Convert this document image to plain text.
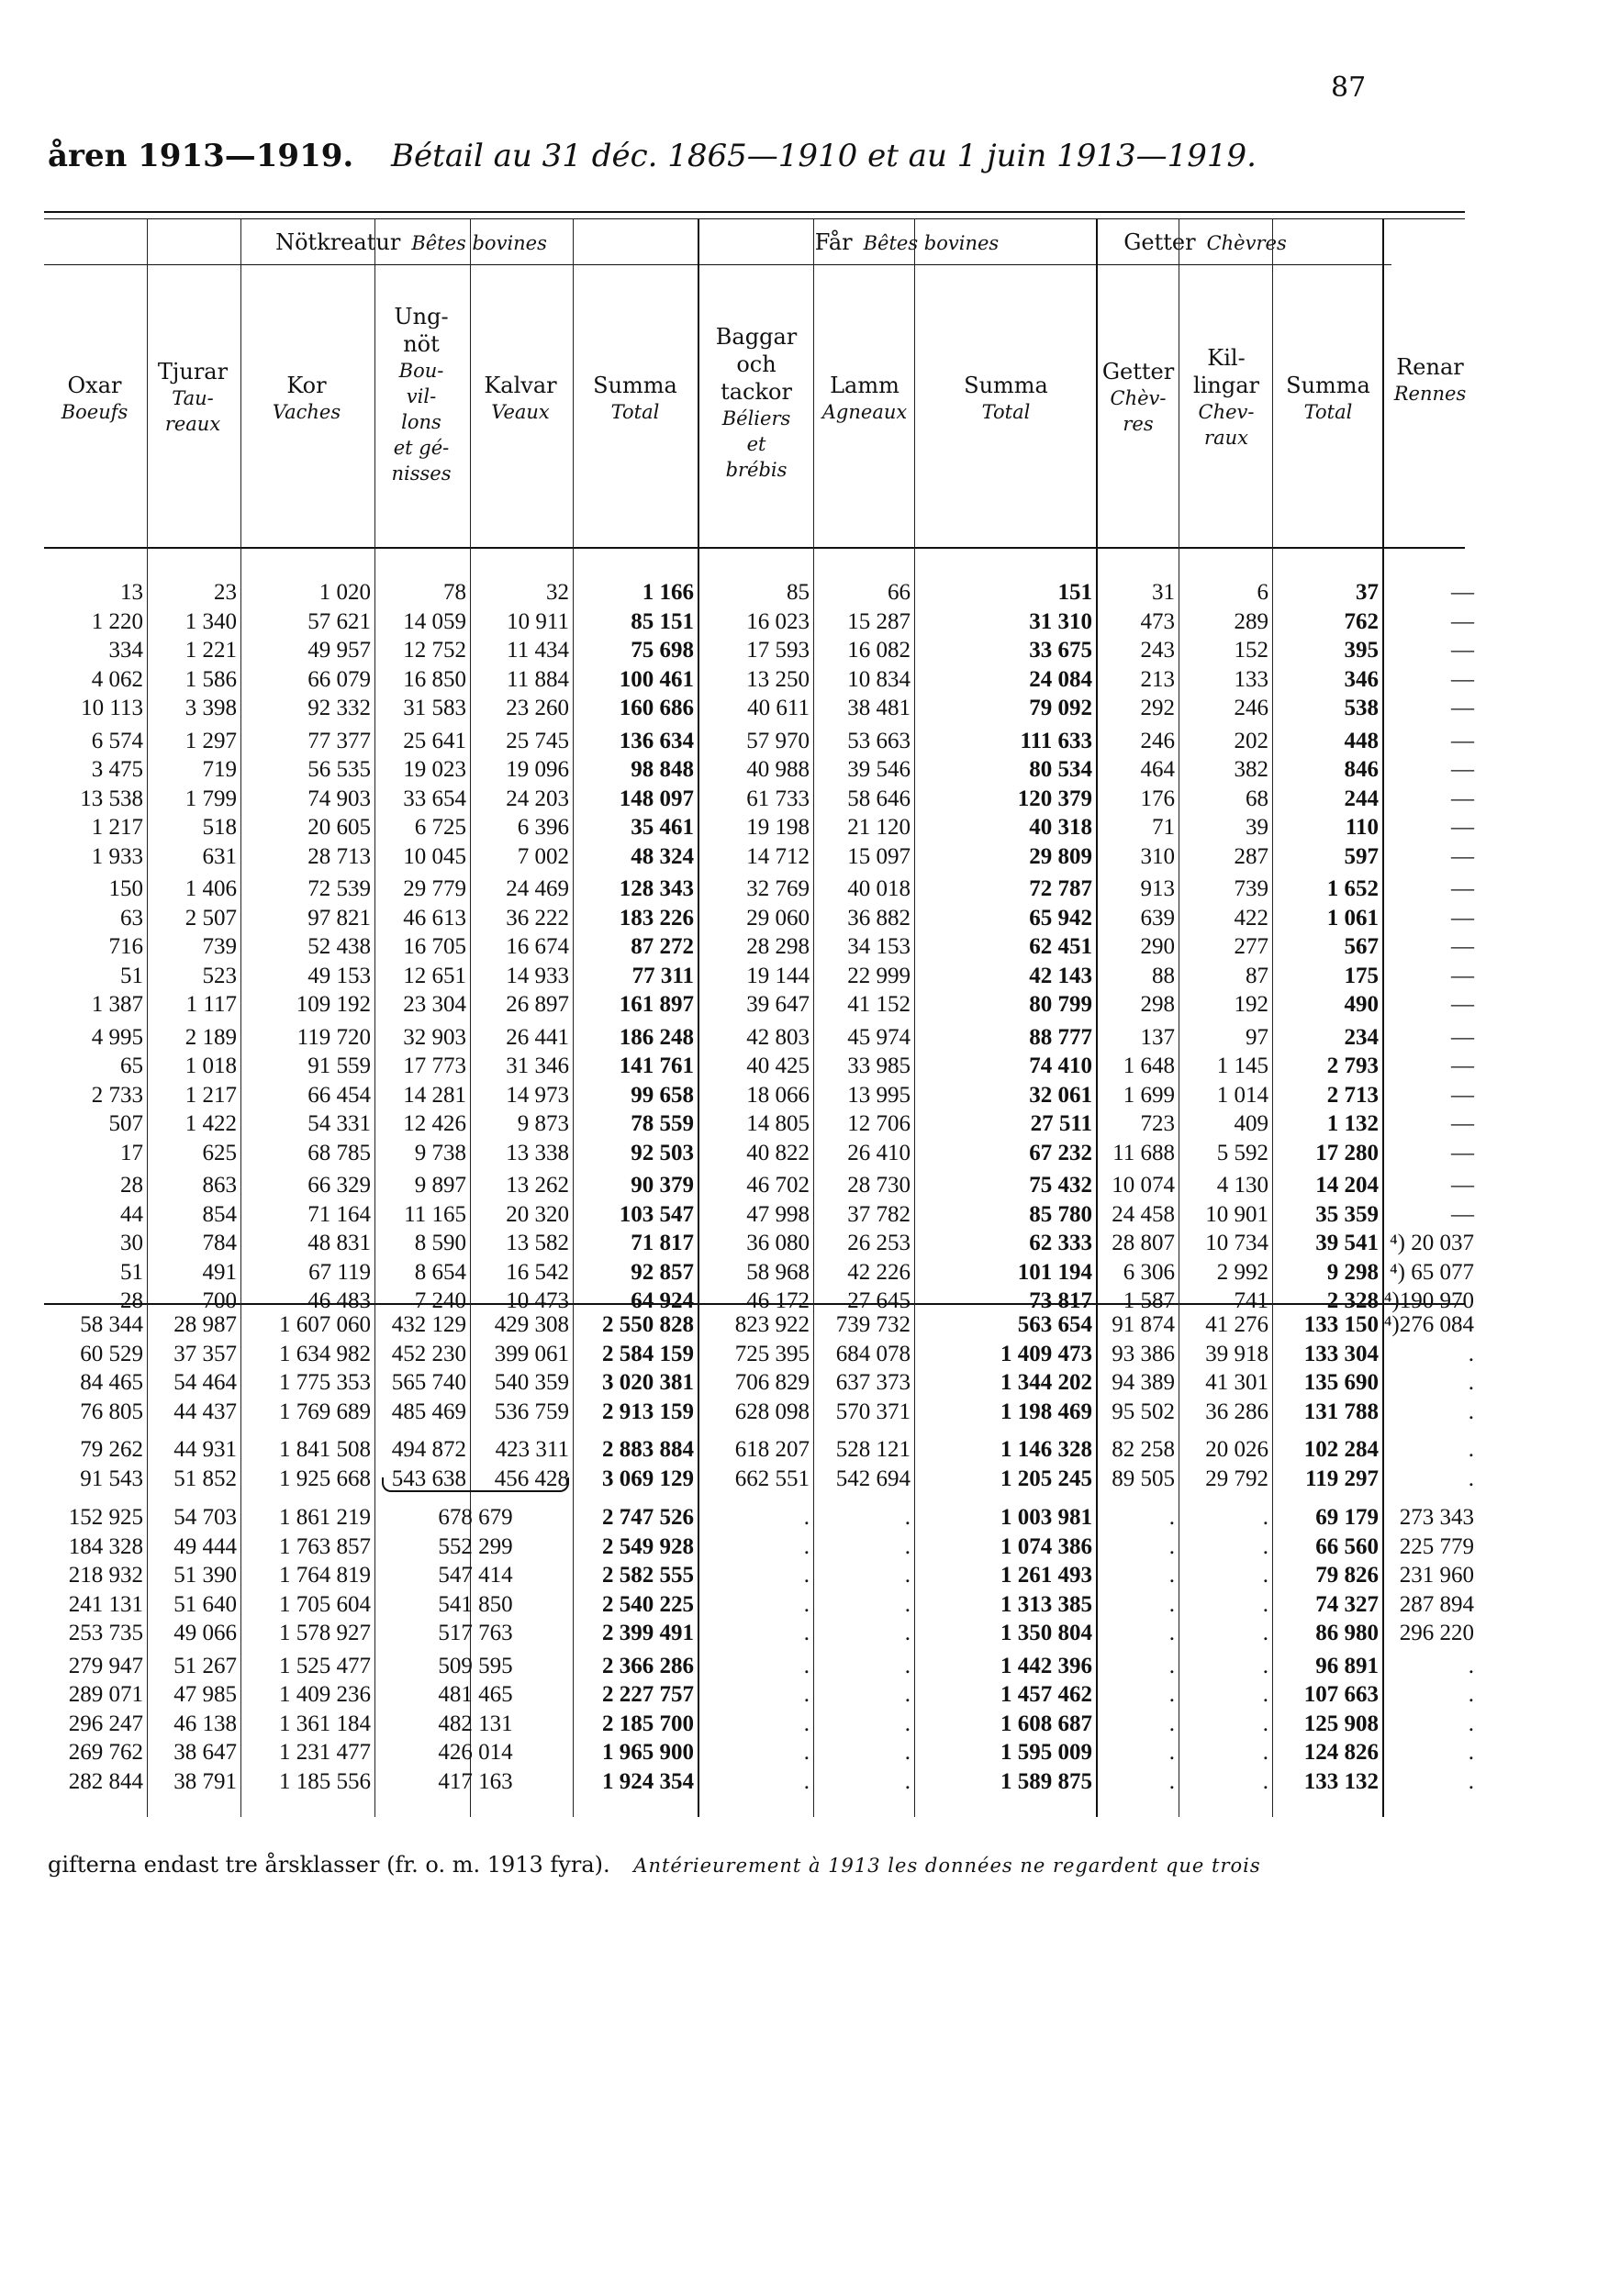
87
åren 1913—1919. Bétail au 31 déc. 1865—1910 et au 1 juin 1913—1919.
Nötkreatur Bêtes bovines	Får Bêtes bovines	Getter Chèvres
Oxar
Boeufs
Tjurar
Tau-
reaux
Kor
Vaches
Ung-
nöt
Bou-
vil-
lons
et gé-
nisses
Kalvar
Veaux
Summa
Total
Baggar
och
tackor
Béliers
et
brébis
Lamm
Agneaux
Summa
Total
Getter
Chèv-
res
Kil-
lingar
Chev-
raux
Summa
Total
Renar
Rennes
13
1 220
334
4 062
10 113
6 574
3 475
13 538
1 217
1 933
150
63
716
51
1 387
4 995
65
2 733
507
17
28
44
30
51
28
23
1 340
1 221
1 586
3 398
1 297
719
1 799
518
631
1 406
2 507
739
523
1 117
2 189
1 018
1 217
1 422
625
863
854
784
491
700
1 020
57 621
49 957
66 079
92 332
77 377
56 535
74 903
20 605
28 713
72 539
97 821
52 438
49 153
109 192
119 720
91 559
66 454
54 331
68 785
66 329
71 164
48 831
67 119
46 483
78
14 059
12 752
16 850
31 583
25 641
19 023
33 654
6 725
10 045
29 779
46 613
16 705
12 651
23 304
32 903
17 773
14 281
12 426
9 738
9 897
11 165
8 590
8 654
7 240
32
10 911
11 434
11 884
23 260
25 745
19 096
24 203
6 396
7 002
24 469
36 222
16 674
14 933
26 897
26 441
31 346
14 973
9 873
13 338
13 262
20 320
13 582
16 542
10 473
1 166
85 151
75 698
100 461
160 686
136 634
98 848
148 097
35 461
48 324
128 343
183 226
87 272
77 311
161 897
186 248
141 761
99 658
78 559
92 503
90 379
103 547
71 817
92 857
64 924
85
16 023
17 593
13 250
40 611
57 970
40 988
61 733
19 198
14 712
32 769
29 060
28 298
19 144
39 647
42 803
40 425
18 066
14 805
40 822
46 702
47 998
36 080
58 968
46 172
66
15 287
16 082
10 834
38 481
53 663
39 546
58 646
21 120
15 097
40 018
36 882
34 153
22 999
41 152
45 974
33 985
13 995
12 706
26 410
28 730
37 782
26 253
42 226
27 645
151
31 310
33 675
24 084
79 092
111 633
80 534
120 379
40 318
29 809
72 787
65 942
62 451
42 143
80 799
88 777
74 410
32 061
27 511
67 232
75 432
85 780
62 333
101 194
73 817
31
473
243
213
292
246
464
176
71
310
913
639
290
88
298
137
1 648
1 699
723
11 688
10 074
24 458
28 807
6 306
1 587
6
289
152
133
246
202
382
68
39
287
739
422
277
87
192
97
1 145
1 014
409
5 592
4 130
10 901
10 734
2 992
741
37
762
395
346
538
448
846
244
110
597
1 652
1 061
567
175
490
234
2 793
2 713
1 132
17 280
14 204
35 359
39 541
9 298
2 328
—
—
—
—
—
—
—
—
—
—
—
—
—
—
—
—
—
—
—
—
—
—
⁴) 20 037
⁴) 65 077
⁴)190 970
58 344
60 529
84 465
76 805
28 987
37 357
54 464
44 437
1 607 060
1 634 982
1 775 353
1 769 689
432 129
452 230
565 740
485 469
429 308
399 061
540 359
536 759
2 550 828
2 584 159
3 020 381
2 913 159
823 922
725 395
706 829
628 098
739 732
684 078
637 373
570 371
563 654
1 409 473
1 344 202
1 198 469
91 874
93 386
94 389
95 502
41 276
39 918
41 301
36 286
133 150
133 304
135 690
131 788
⁴)276 084
.
.
.
79 262
91 543
44 931
51 852
1 841 508
1 925 668
494 872
543 638
423 311
456 428
2 883 884
3 069 129
618 207
662 551
528 121
542 694
1 146 328
1 205 245
82 258
89 505
20 026
29 792
102 284
119 297
.
.
152 925
184 328
218 932
241 131
253 735
279 947
289 071
296 247
269 762
282 844
54 703
49 444
51 390
51 640
49 066
51 267
47 985
46 138
38 647
38 791
1 861 219
1 763 857
1 764 819
1 705 604
1 578 927
1 525 477
1 409 236
1 361 184
1 231 477
1 185 556
678 679
552 299
547 414
541 850
517 763
509 595
481 465
482 131
426 014
417 163
2 747 526
2 549 928
2 582 555
2 540 225
2 399 491
2 366 286
2 227 757
2 185 700
1 965 900
1 924 354
.
.
.
.
.
.
.
.
.
.
.
.
.
.
.
.
.
.
.
.
1 003 981
1 074 386
1 261 493
1 313 385
1 350 804
1 442 396
1 457 462
1 608 687
1 595 009
1 589 875
.
.
.
.
.
.
.
.
.
.
.
.
.
.
.
.
.
.
.
.
69 179
66 560
79 826
74 327
86 980
96 891
107 663
125 908
124 826
133 132
273 343
225 779
231 960
287 894
296 220
.
.
.
.
.
gifterna endast tre årsklasser (fr. o. m. 1913 fyra). Antérieurement à 1913 les données ne regardent que trois
